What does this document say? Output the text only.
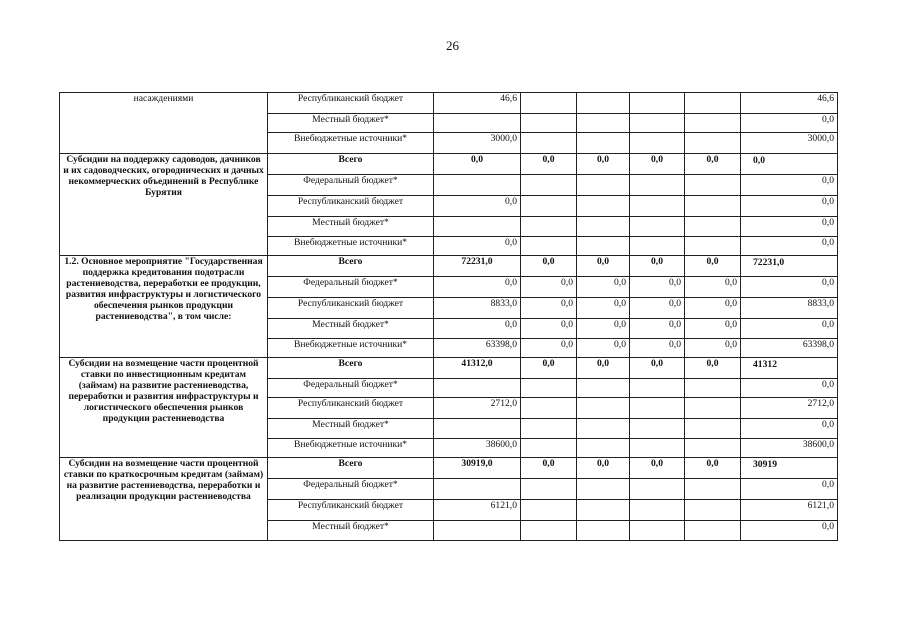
26
насаждениями	Республиканский бюджет	46,6					46,6
	Местный бюджет*						0,0
	Внебюджетные источники*	3000,0					3000,0
Субсидии на поддержку садоводов, дачников и их садоводческих, огороднических и дачных некоммерческих объединений в Республике Бурятия	Всего	0,0	0,0	0,0	0,0	0,0	0,0
	Федеральный бюджет*						0,0
	Республиканский бюджет	0,0					0,0
	Местный бюджет*						0,0
	Внебюджетные источники*	0,0					0,0
1.2. Основное мероприятие "Государственная поддержка кредитования подотрасли растениеводства, переработки ее продукции, развития инфраструктуры и логистического обеспечения рынков продукции растениеводства", в том числе:	Всего	72231,0	0,0	0,0	0,0	0,0	72231,0
	Федеральный бюджет*	0,0	0,0	0,0	0,0	0,0	0,0
	Республиканский бюджет	8833,0	0,0	0,0	0,0	0,0	8833,0
	Местный бюджет*	0,0	0,0	0,0	0,0	0,0	0,0
	Внебюджетные источники*	63398,0	0,0	0,0	0,0	0,0	63398,0
Субсидии на возмещение части процентной ставки по инвестиционным кредитам (займам) на развитие растениеводства, переработки и развития инфраструктуры и логистического обеспечения рынков продукции растениеводства	Всего	41312,0	0,0	0,0	0,0	0,0	41312
	Федеральный бюджет*						0,0
	Республиканский бюджет	2712,0					2712,0
	Местный бюджет*						0,0
	Внебюджетные источники*	38600,0					38600,0
Субсидии на возмещение части процентной ставки по краткосрочным кредитам (займам) на развитие растениеводства, переработки и реализации продукции растениеводства	Всего	30919,0	0,0	0,0	0,0	0,0	30919
	Федеральный бюджет*						0,0
	Республиканский бюджет	6121,0					6121,0
	Местный бюджет*						0,0
